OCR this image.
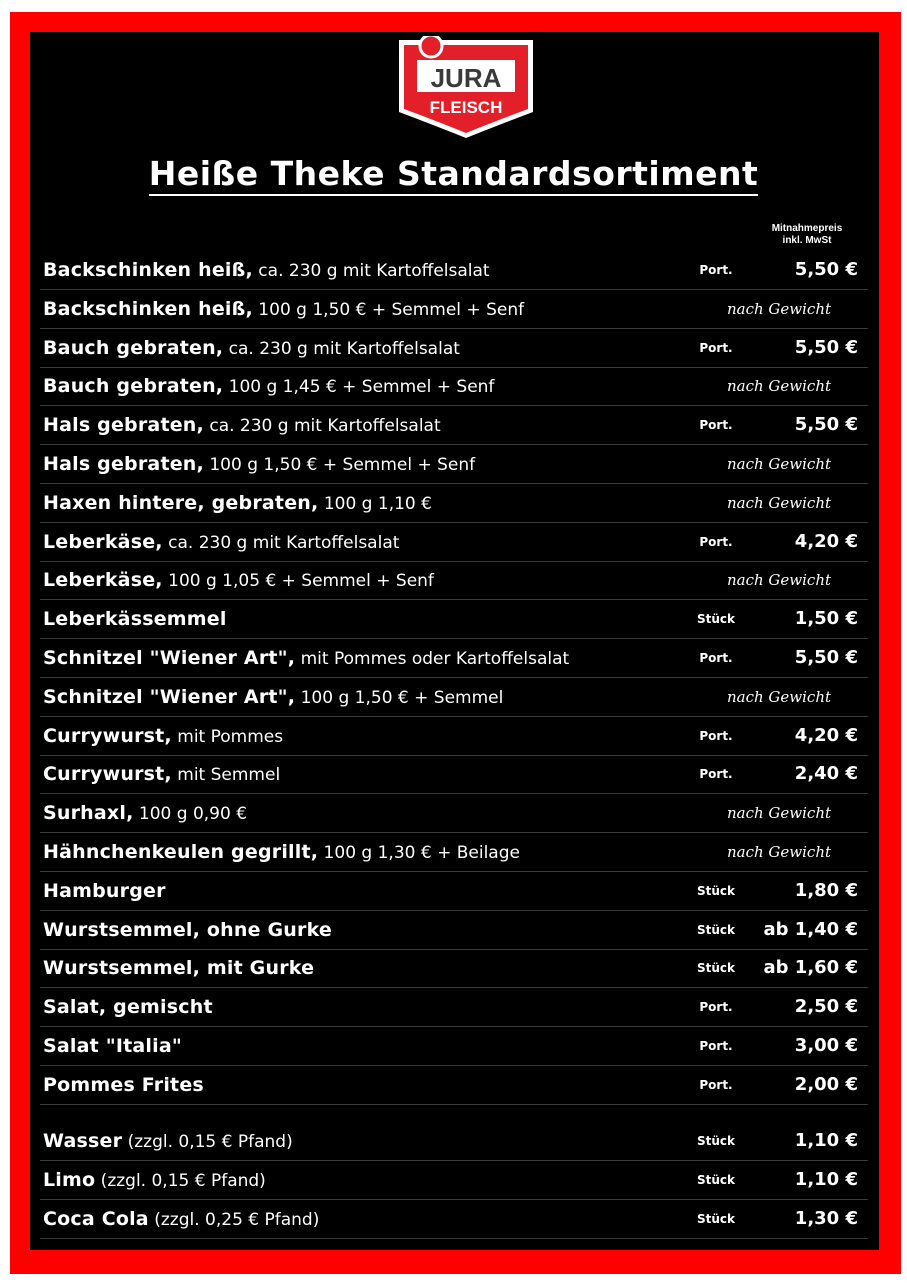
JURA
FLEISCH
Heiße Theke Standardsortiment
Mitnahmepreis
inkl. MwSt
Backschinken heiß, ca. 230 g mit Kartoffelsalat	Port.	5,50 €
Backschinken heiß, 100 g 1,50 € + Semmel + Senf	nach Gewicht
Bauch gebraten, ca. 230 g mit Kartoffelsalat	Port.	5,50 €
Bauch gebraten, 100 g 1,45 € + Semmel + Senf	nach Gewicht
Hals gebraten, ca. 230 g mit Kartoffelsalat	Port.	5,50 €
Hals gebraten, 100 g 1,50 € + Semmel + Senf	nach Gewicht
Haxen hintere, gebraten, 100 g 1,10 €	nach Gewicht
Leberkäse, ca. 230 g mit Kartoffelsalat	Port.	4,20 €
Leberkäse, 100 g 1,05 € + Semmel + Senf	nach Gewicht
Leberkässemmel	Stück	1,50 €
Schnitzel "Wiener Art", mit Pommes oder Kartoffelsalat	Port.	5,50 €
Schnitzel "Wiener Art", 100 g 1,50 € + Semmel	nach Gewicht
Currywurst, mit Pommes	Port.	4,20 €
Currywurst, mit Semmel	Port.	2,40 €
Surhaxl, 100 g 0,90 €	nach Gewicht
Hähnchenkeulen gegrillt, 100 g 1,30 € + Beilage	nach Gewicht
Hamburger	Stück	1,80 €
Wurstsemmel, ohne Gurke	Stück ab 1,40 €
Wurstsemmel, mit Gurke	Stück ab 1,60 €
Salat, gemischt	Port.	2,50 €
Salat "Italia"	Port.	3,00 €
Pommes Frites	Port.	2,00 €
Wasser (zzgl. 0,15 € Pfand)	Stück	1,10 €
Limo (zzgl. 0,15 € Pfand)	Stück	1,10 €
Coca Cola (zzgl. 0,25 € Pfand)	Stück	1,30 €
